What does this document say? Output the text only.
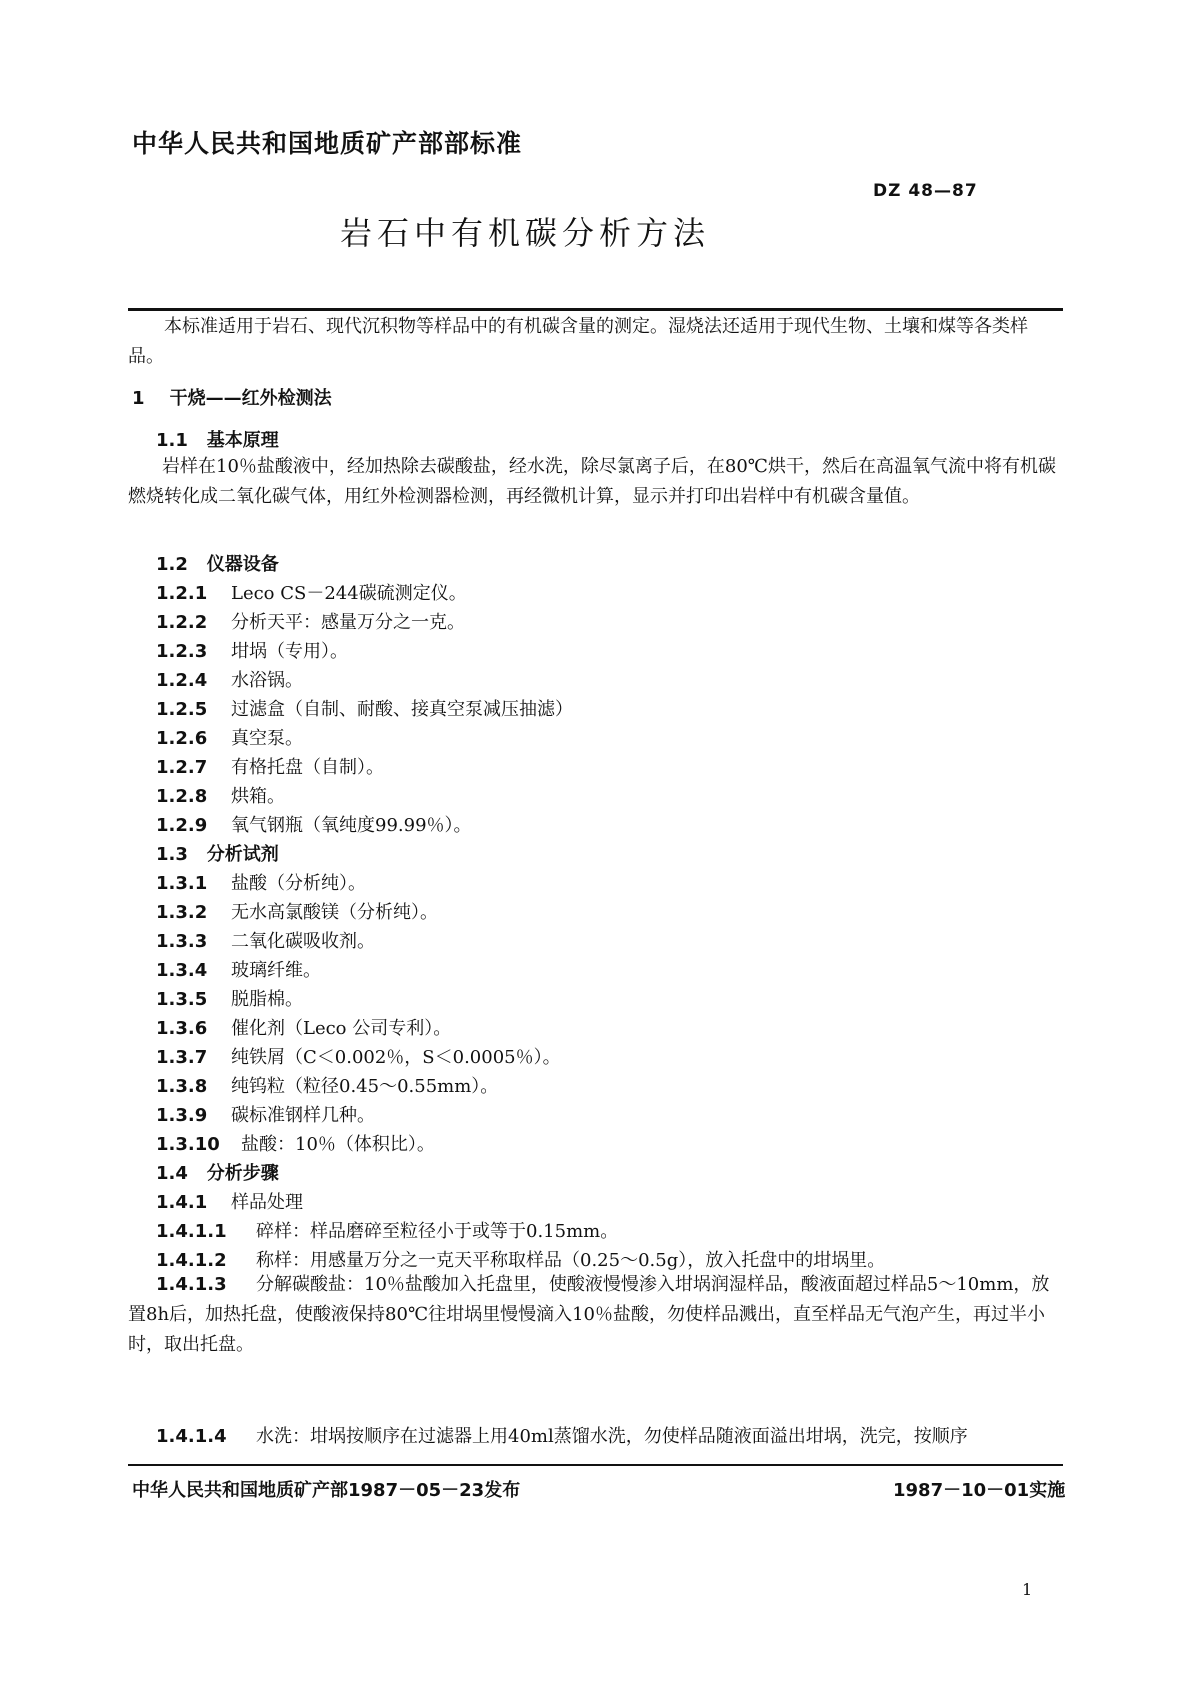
中华人民共和国地质矿产部部标准
DZ 48—87
岩石中有机碳分析方法
本标准适用于岩石、现代沉积物等样品中的有机碳含量的测定。湿烧法还适用于现代生物、土壤和煤等各类样品。
1 干烧——红外检测法
1.1 基本原理
岩样在10％盐酸液中，经加热除去碳酸盐，经水洗，除尽氯离子后，在80℃烘干，然后在高温氧气流中将有机碳燃烧转化成二氧化碳气体，用红外检测器检测，再经微机计算，显示并打印出岩样中有机碳含量值。
1.2 仪器设备
1.2.1 Leco CS－244碳硫测定仪。
1.2.2 分析天平：感量万分之一克。
1.2.3 坩埚（专用）。
1.2.4 水浴锅。
1.2.5 过滤盒（自制、耐酸、接真空泵减压抽滤）
1.2.6 真空泵。
1.2.7 有格托盘（自制）。
1.2.8 烘箱。
1.2.9 氧气钢瓶（氧纯度99.99％）。
1.3 分析试剂
1.3.1 盐酸（分析纯）。
1.3.2 无水高氯酸镁（分析纯）。
1.3.3 二氧化碳吸收剂。
1.3.4 玻璃纤维。
1.3.5 脱脂棉。
1.3.6 催化剂（Leco 公司专利）。
1.3.7 纯铁屑（C＜0.002％，S＜0.0005％）。
1.3.8 纯钨粒（粒径0.45～0.55mm）。
1.3.9 碳标准钢样几种。
1.3.10 盐酸：10％（体积比）。
1.4 分析步骤
1.4.1 样品处理
1.4.1.1 碎样：样品磨碎至粒径小于或等于0.15mm。
1.4.1.2 称样：用感量万分之一克天平称取样品（0.25～0.5g），放入托盘中的坩埚里。
1.4.1.3 分解碳酸盐：10％盐酸加入托盘里，使酸液慢慢渗入坩埚润湿样品，酸液面超过样品5～10mm，放置8h后，加热托盘，使酸液保持80℃往坩埚里慢慢滴入10％盐酸，勿使样品溅出，直至样品无气泡产生，再过半小时，取出托盘。
1.4.1.4 水洗：坩埚按顺序在过滤器上用40ml蒸馏水洗，勿使样品随液面溢出坩埚，洗完，按顺序
中华人民共和国地质矿产部1987－05－23发布	1987－10－01实施
1
